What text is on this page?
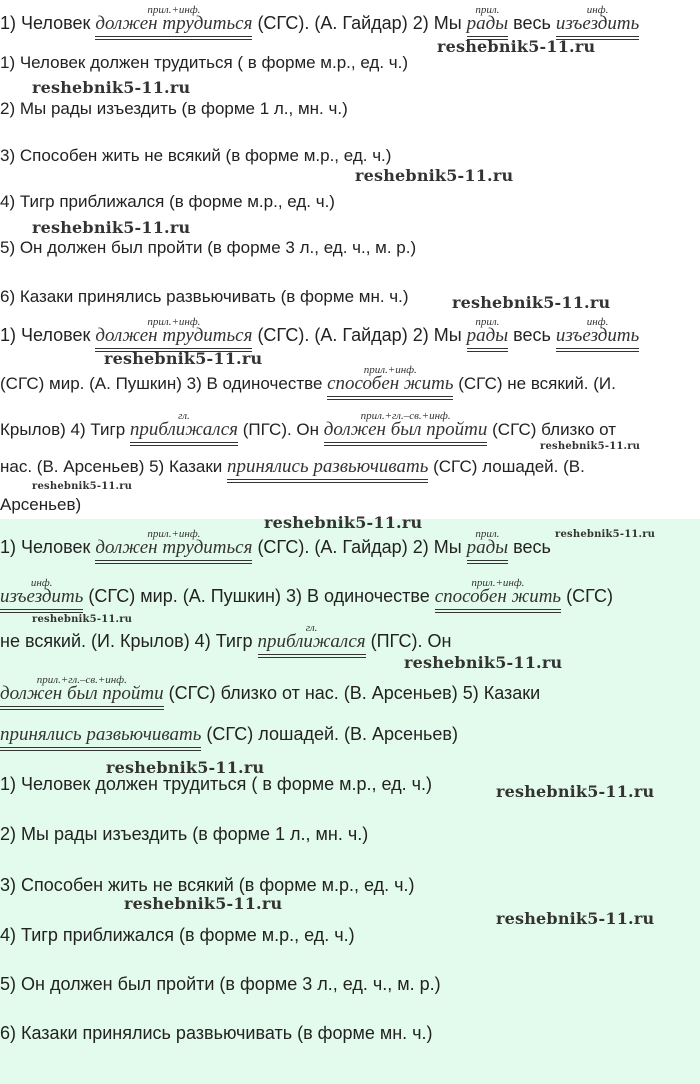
1) Человек
прил.+инф.
должен трудиться (СГС). (А. Гайдар) 2) Мы
прил.
рады весь
инф.
изъездить
reshebnik5-11.ru
1) Человек должен трудиться ( в форме м.р., ед. ч.)
reshebnik5-11.ru
2) Мы рады изъездить (в форме 1 л., мн. ч.)
3) Способен жить не всякий (в форме м.р., ед. ч.)
reshebnik5-11.ru
4) Тигр приближался (в форме м.р., ед. ч.)
reshebnik5-11.ru
5) Он должен был пройти (в форме 3 л., ед. ч., м. р.)
6) Казаки принялись развьючивать (в форме мн. ч.)	reshebnik5-11.ru
1) Человек
прил.+инф.
должен трудиться (СГС). (А. Гайдар) 2) Мы
прил.
рады весь
инф.
изъездить
reshebnik5-11.ru
(СГС) мир. (А. Пушкин) 3) В одиночестве
прил.+инф.
способен жить (СГС) не всякий. (И.
Крылов) 4) Тигр
гл.
приближался (ПГС). Он
прил.+гл.–св.+инф.
должен был пройти (СГС) близко от
reshebnik5-11.ru
нас. (В. Арсеньев) 5) Казаки принялись развьючивать (СГС) лошадей. (В.
reshebnik5-11.ru
Арсеньев)
reshebnik5-11.ru
1) Человек
прил.+инф.
должен трудиться (СГС). (А. Гайдар) 2) Мы
прил.
рады весь
reshebnik5-11.ru
инф.
изъездить (СГС) мир. (А. Пушкин) 3) В одиночестве
прил.+инф.
способен жить (СГС)
reshebnik5-11.ru
не всякий. (И. Крылов) 4) Тигр
гл.
приближался (ПГС). Он
reshebnik5-11.ru
прил.+гл.–св.+инф.
должен был пройти (СГС) близко от нас. (В. Арсеньев) 5) Казаки
принялись развьючивать (СГС) лошадей. (В. Арсеньев)
reshebnik5-11.ru
1) Человек должен трудиться ( в форме м.р., ед. ч.)	reshebnik5-11.ru
2) Мы рады изъездить (в форме 1 л., мн. ч.)
3) Способен жить не всякий (в форме м.р., ед. ч.)
reshebnik5-11.ru
reshebnik5-11.ru
4) Тигр приближался (в форме м.р., ед. ч.)
5) Он должен был пройти (в форме 3 л., ед. ч., м. р.)
6) Казаки принялись развьючивать (в форме мн. ч.)
